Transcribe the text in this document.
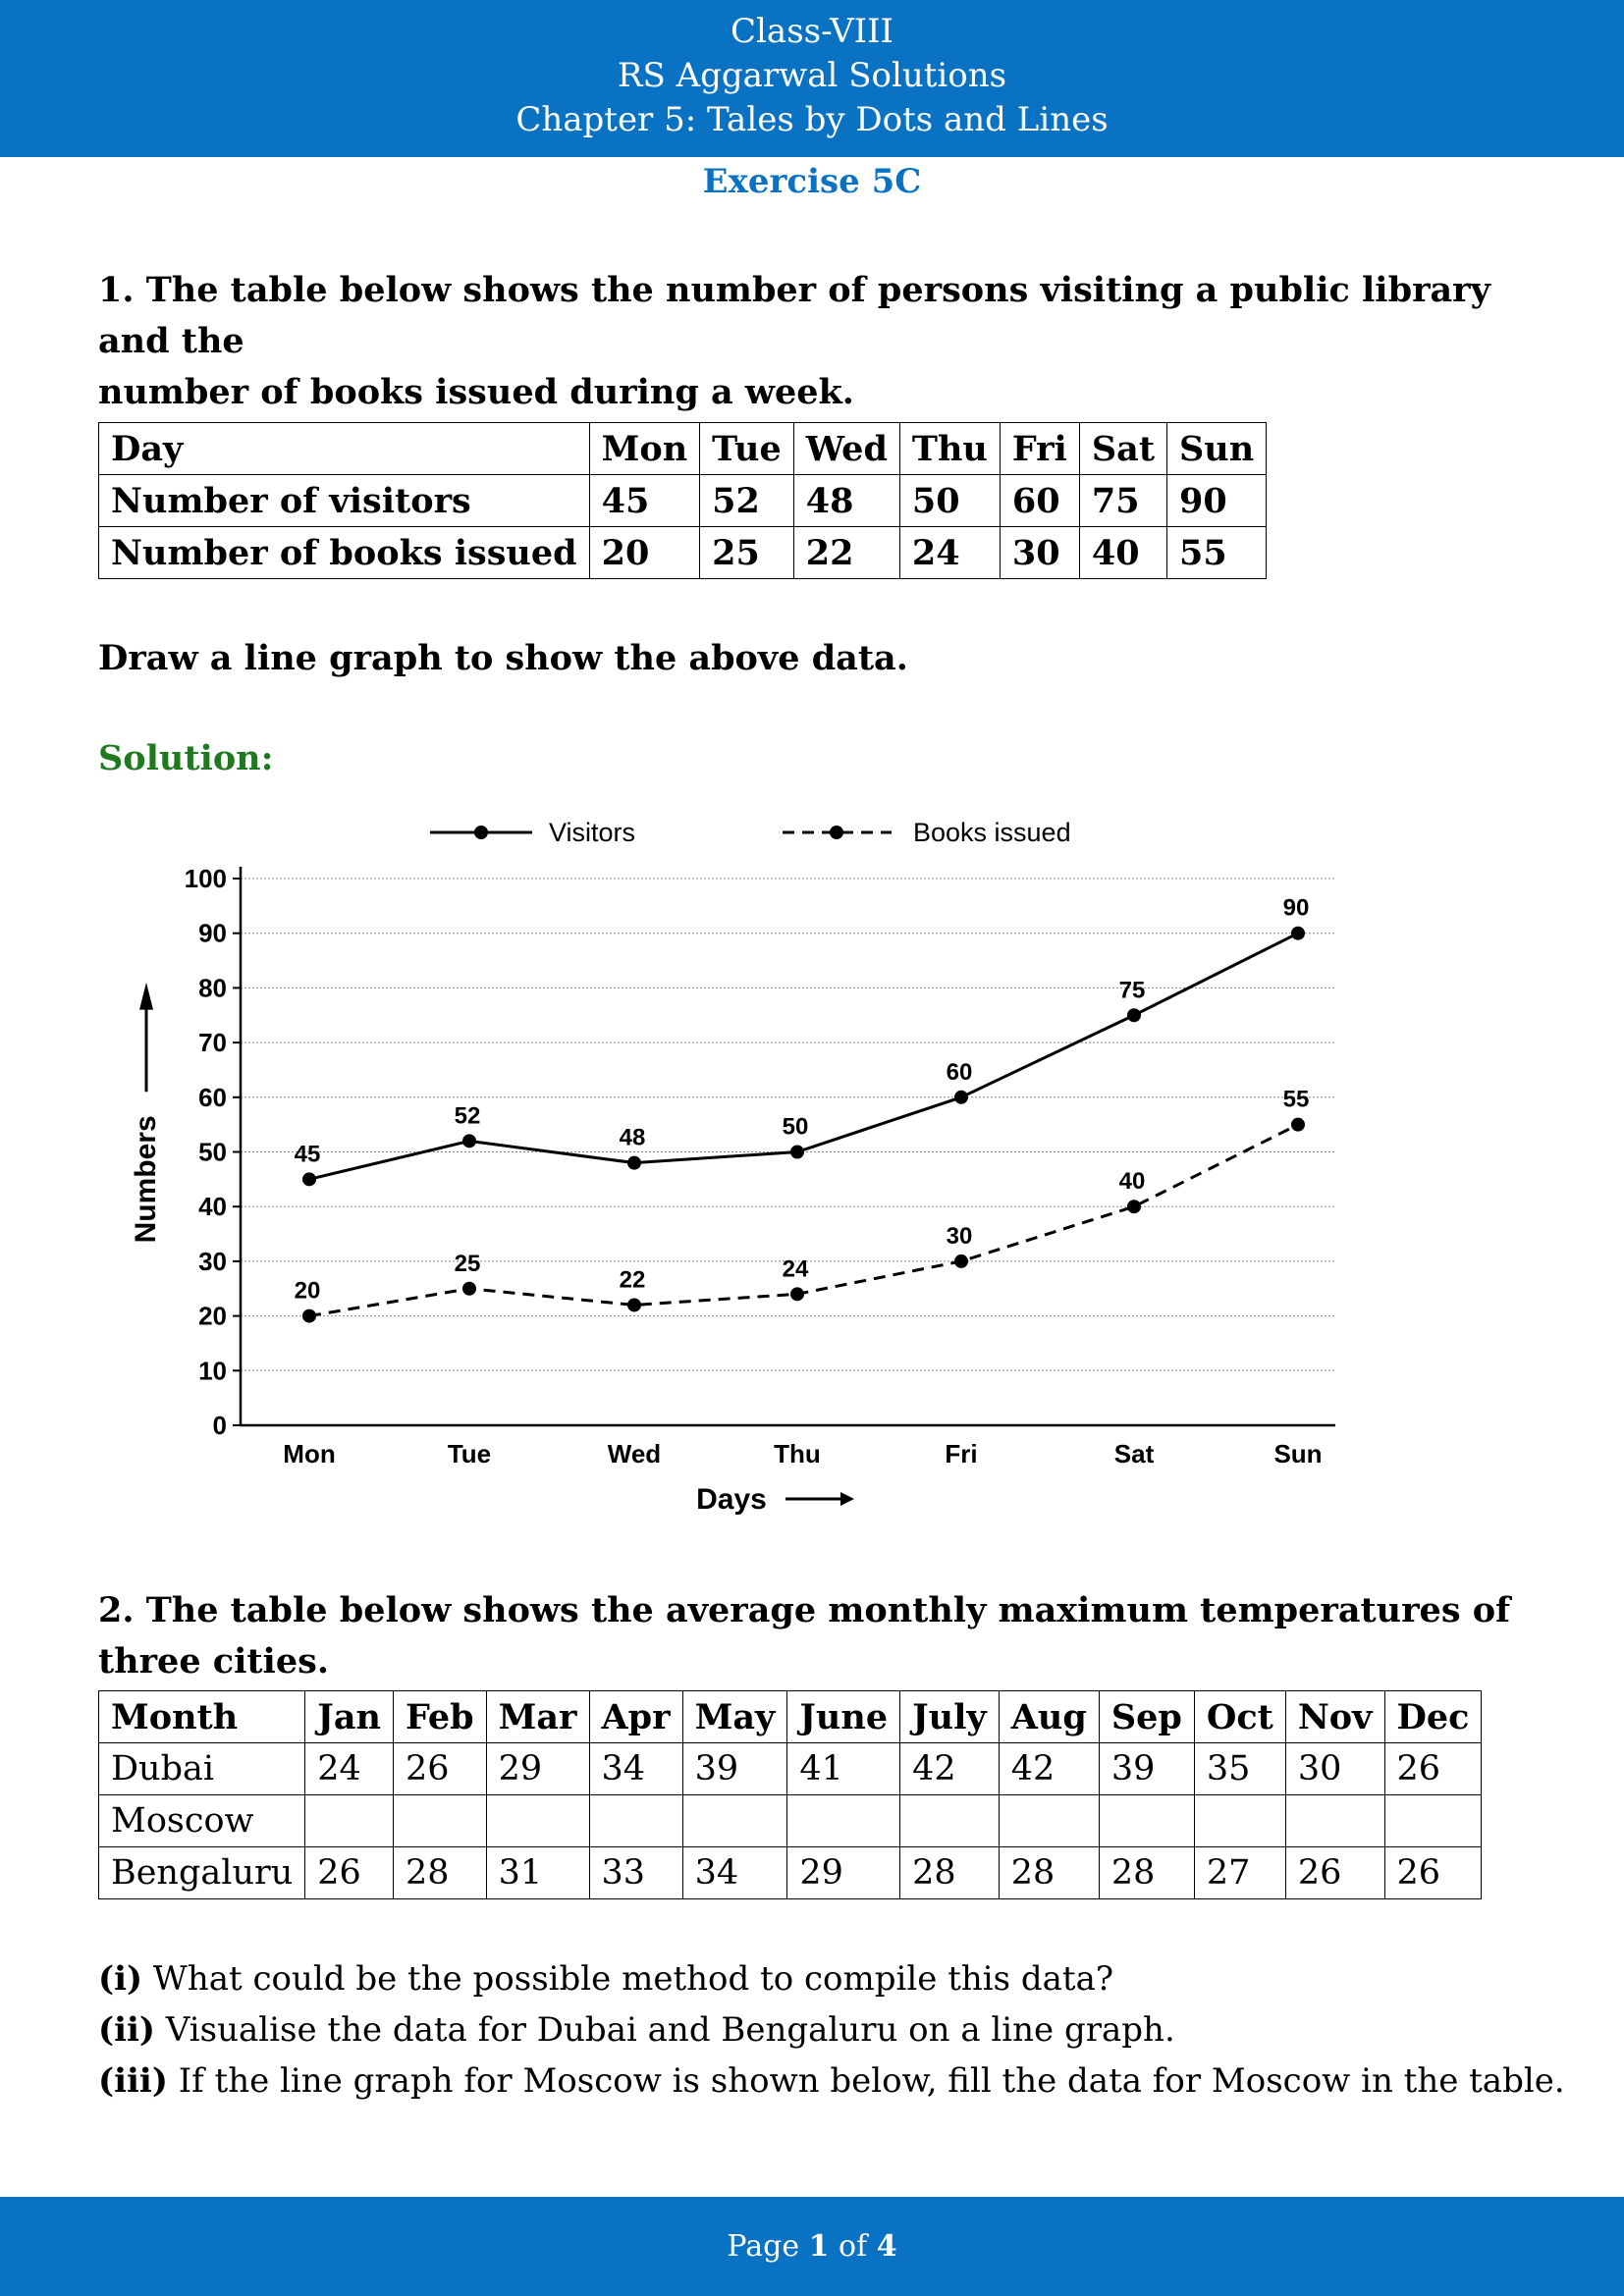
Class-VIII
RS Aggarwal Solutions
Chapter 5: Tales by Dots and Lines
Exercise 5C
1. The table below shows the number of persons visiting a public library and the
number of books issued during a week.
Day	Mon	Tue	Wed	Thu	Fri	Sat	Sun
Number of visitors	45	52	48	50	60	75	90
Number of books issued	20	25	22	24	30	40	55
Draw a line graph to show the above data.
Solution:
0
10
20
30
40
50
60
70
80
90
100
Mon	Tue	Wed	Thu	Fri	Sat	Sun
Days
Numbers	45
52
48	50
60
75
90
20
25
22	24
30
40
55
Visitors	Books issued
2. The table below shows the average monthly maximum temperatures of three cities.
Month	Jan	Feb	Mar	Apr	May	June	July	Aug	Sep	Oct	Nov	Dec
Dubai	24	26	29	34	39	41	42	42	39	35	30	26
Moscow												
Bengaluru	26	28	31	33	34	29	28	28	28	27	26	26
(i) What could be the possible method to compile this data?
(ii) Visualise the data for Dubai and Bengaluru on a line graph.
(iii) If the line graph for Moscow is shown below, fill the data for Moscow in the table.
Page 1 of 4
